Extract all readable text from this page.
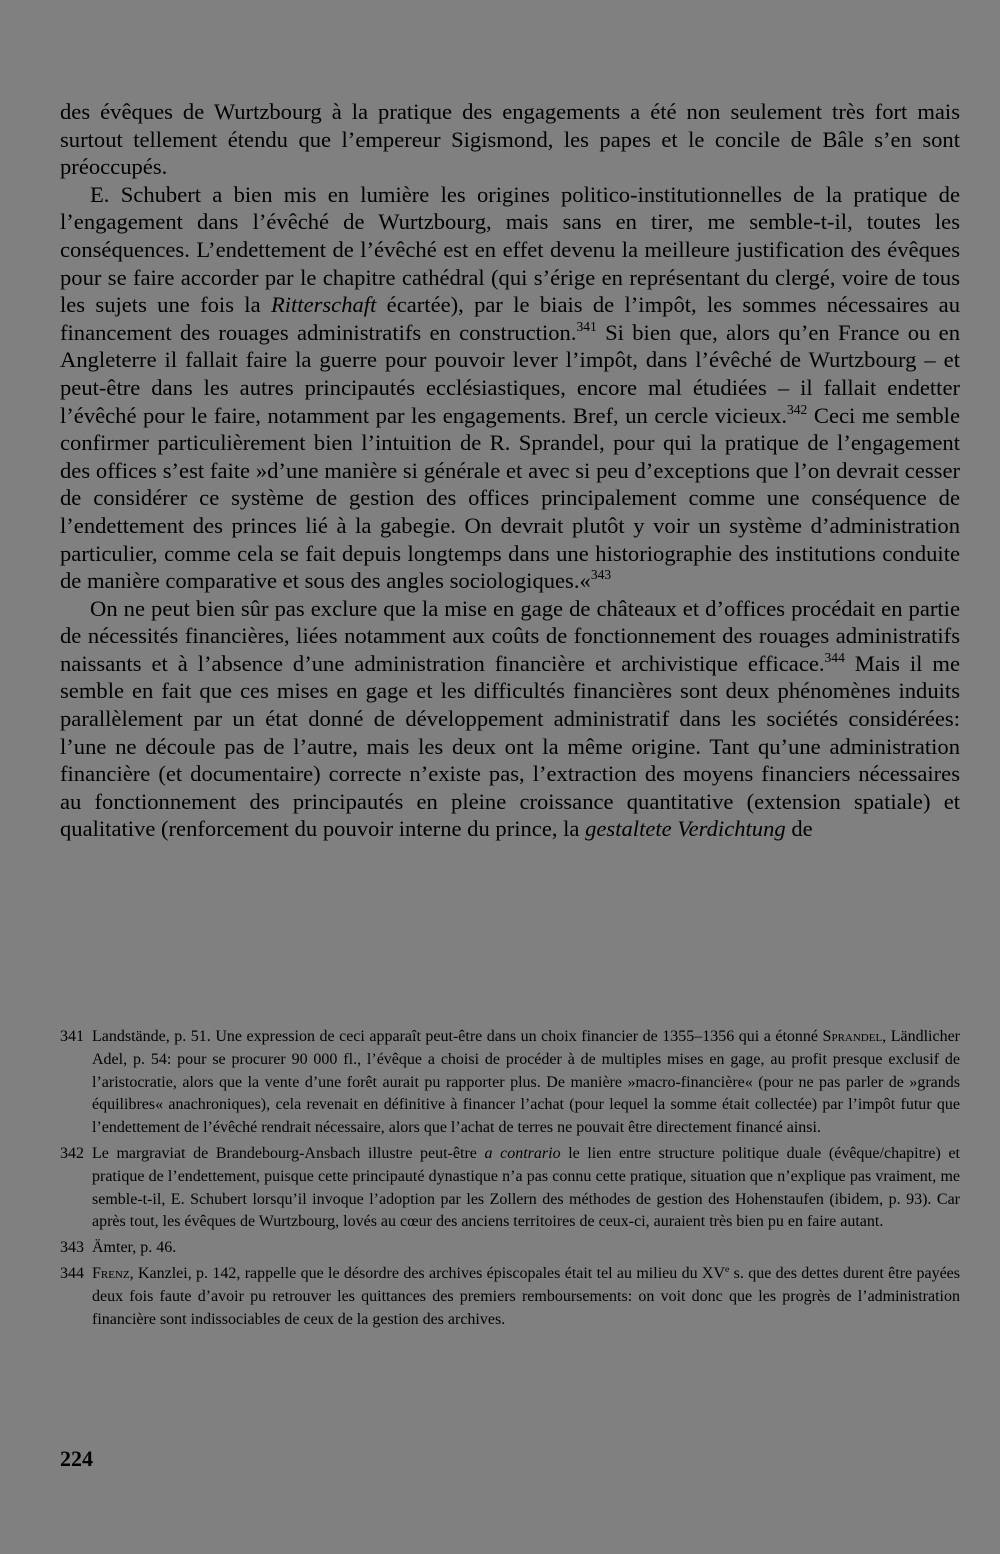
des évêques de Wurtzbourg à la pratique des engagements a été non seulement très fort mais surtout tellement étendu que l’empereur Sigismond, les papes et le concile de Bâle s’en sont préoccupés.

E. Schubert a bien mis en lumière les origines politico-institutionnelles de la pratique de l’engagement dans l’évêché de Wurtzbourg, mais sans en tirer, me semble-t-il, toutes les conséquences. L’endettement de l’évêché est en effet devenu la meilleure justification des évêques pour se faire accorder par le chapitre cathédral (qui s’érige en représentant du clergé, voire de tous les sujets une fois la Ritterschaft écartée), par le biais de l’impôt, les sommes nécessaires au financement des rouages administratifs en construction.$^{341}$ Si bien que, alors qu’en France ou en Angleterre il fallait faire la guerre pour pouvoir lever l’impôt, dans l’évêché de Wurtzbourg – et peut-être dans les autres principautés ecclésiastiques, encore mal étudiées – il fallait endetter l’évêché pour le faire, notamment par les engagements. Bref, un cercle vicieux.$^{342}$ Ceci me semble confirmer particulièrement bien l’intuition de R. Sprandel, pour qui la pratique de l’engagement des offices s’est faite »d’une manière si générale et avec si peu d’exceptions que l’on devrait cesser de considérer ce système de gestion des offices principalement comme une conséquence de l’endettement des princes lié à la gabegie. On devrait plutôt y voir un système d’administration particulier, comme cela se fait depuis longtemps dans une historiographie des institutions conduite de manière comparative et sous des angles sociologiques.«$^{343}$

On ne peut bien sûr pas exclure que la mise en gage de châteaux et d’offices procédait en partie de nécessités financières, liées notamment aux coûts de fonctionnement des rouages administratifs naissants et à l’absence d’une administration financière et archivistique efficace.$^{344}$ Mais il me semble en fait que ces mises en gage et les difficultés financières sont deux phénomènes induits parallèlement par un état donné de développement administratif dans les sociétés considérées: l’une ne découle pas de l’autre, mais les deux ont la même origine. Tant qu’une administration financière (et documentaire) correcte n’existe pas, l’extraction des moyens financiers nécessaires au fonctionnement des principautés en pleine croissance quantitative (extension spatiale) et qualitative (renforcement du pouvoir interne du prince, la gestaltete Verdichtung de

341 Landstände, p. 51. Une expression de ceci apparaît peut-être dans un choix financier de 1355–1356 qui a étonné Sprandel, Ländlicher Adel, p. 54: pour se procurer 90 000 fl., l’évêque a choisi de procéder à de multiples mises en gage, au profit presque exclusif de l’aristocratie, alors que la vente d’une forêt aurait pu rapporter plus. De manière »macro-financière« (pour ne pas parler de »grands équilibres« anachroniques), cela revenait en définitive à financer l’achat (pour lequel la somme était collectée) par l’impôt futur que l’endettement de l’évêché rendrait nécessaire, alors que l’achat de terres ne pouvait être directement financé ainsi.
342 Le margraviat de Brandebourg-Ansbach illustre peut-être a contrario le lien entre structure politique duale (évêque/chapitre) et pratique de l’endettement, puisque cette principauté dynastique n’a pas connu cette pratique, situation que n’explique pas vraiment, me semble-t-il, E. Schubert lorsqu’il invoque l’adoption par les Zollern des méthodes de gestion des Hohenstaufen (ibidem, p. 93). Car après tout, les évêques de Wurtzbourg, lovés au cœur des anciens territoires de ceux-ci, auraient très bien pu en faire autant.
343 Ämter, p. 46.
344 Frenz, Kanzlei, p. 142, rappelle que le désordre des archives épiscopales était tel au milieu du XVe s. que des dettes durent être payées deux fois faute d’avoir pu retrouver les quittances des premiers remboursements: on voit donc que les progrès de l’administration financière sont indissociables de ceux de la gestion des archives.
224
